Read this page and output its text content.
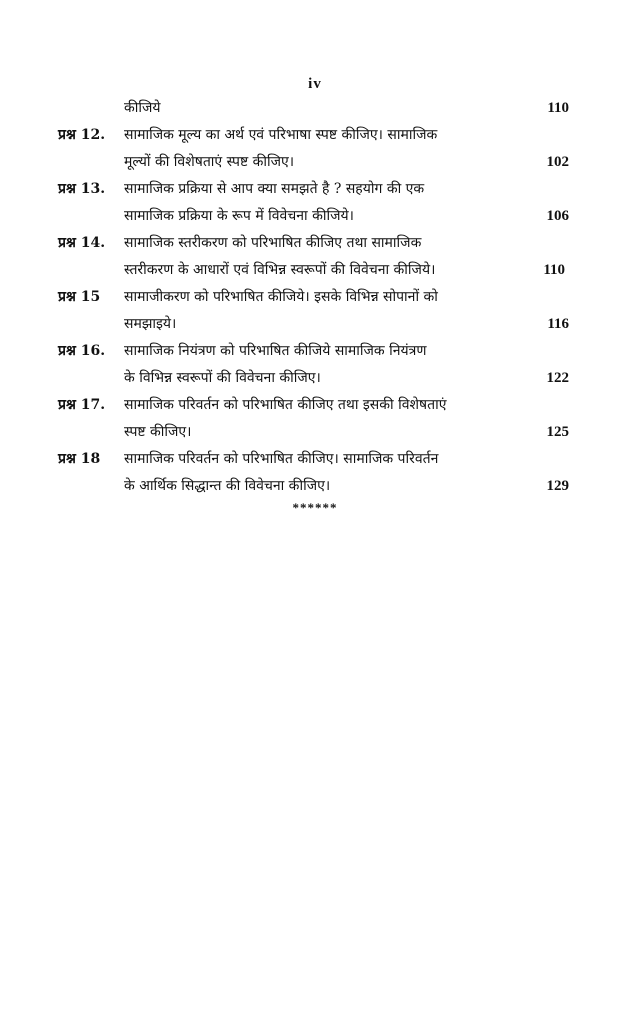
iv
कीजिये	110
प्रश्न 12. सामाजिक मूल्य का अर्थ एवं परिभाषा स्पष्ट कीजिए। सामाजिक
मूल्यों की विशेषताएं स्पष्ट कीजिए।	102
प्रश्न 13. सामाजिक प्रक्रिया से आप क्या समझते है ? सहयोग की एक
सामाजिक प्रक्रिया के रूप में विवेचना कीजिये।	106
प्रश्न 14. सामाजिक स्तरीकरण को परिभाषित कीजिए तथा सामाजिक
स्तरीकरण के आधारों एवं विभिन्न स्वरूपों की विवेचना कीजिये।	110
प्रश्न 15 सामाजीकरण को परिभाषित कीजिये। इसके विभिन्न सोपानों को
समझाइये।	116
प्रश्न 16. सामाजिक नियंत्रण को परिभाषित कीजिये सामाजिक नियंत्रण
के विभिन्न स्वरूपों की विवेचना कीजिए।	122
प्रश्न 17. सामाजिक परिवर्तन को परिभाषित कीजिए तथा इसकी विशेषताएं
स्पष्ट कीजिए।	125
प्रश्न 18 सामाजिक परिवर्तन को परिभाषित कीजिए। सामाजिक परिवर्तन
के आर्थिक सिद्धान्त की विवेचना कीजिए।	129
******
